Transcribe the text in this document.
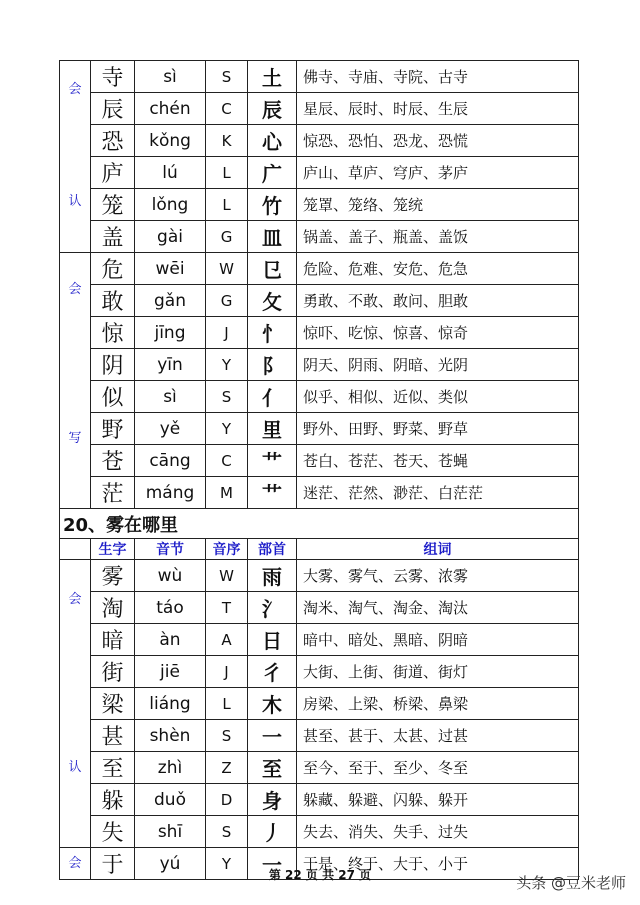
会
认	寺	sì	S	土	佛寺、寺庙、寺院、古寺
	辰	chén	C	辰	星辰、辰时、时辰、生辰
	恐	kǒng	K	心	惊恐、恐怕、恐龙、恐慌
	庐	lú	L	广	庐山、草庐、穹庐、茅庐
	笼	lǒng	L	竹	笼罩、笼络、笼统
	盖	gài	G	皿	锅盖、盖子、瓶盖、盖饭

会
写	危	wēi	W	㔾	危险、危难、安危、危急
	敢	gǎn	G	攵	勇敢、不敢、敢问、胆敢
	惊	jīng	J	忄	惊吓、吃惊、惊喜、惊奇
	阴	yīn	Y	阝	阴天、阴雨、阴暗、光阴
	似	sì	S	亻	似乎、相似、近似、类似
	野	yě	Y	里	野外、田野、野菜、野草
	苍	cāng	C	艹	苍白、苍茫、苍天、苍蝇
	茫	máng	M	艹	迷茫、茫然、渺茫、白茫茫
20、雾在哪里					
	生字	音节	音序	部首	组词

会
认	雾	wù	W	雨	大雾、雾气、云雾、浓雾
	淘	táo	T	氵	淘米、淘气、淘金、淘汰
	暗	àn	A	日	暗中、暗处、黑暗、阴暗
	街	jiē	J	彳	大街、上街、街道、街灯
	梁	liáng	L	木	房梁、上梁、桥梁、鼻梁
	甚	shèn	S	一	甚至、甚于、太甚、过甚
	至	zhì	Z	至	至今、至于、至少、冬至
	躲	duǒ	D	身	躲藏、躲避、闪躲、躲开
	失	shī	S	丿	失去、消失、失手、过失

会	于	yú	Y	一	于是、终于、大于、小于
第 22 页 共 27 页	头条 @豆米老师
